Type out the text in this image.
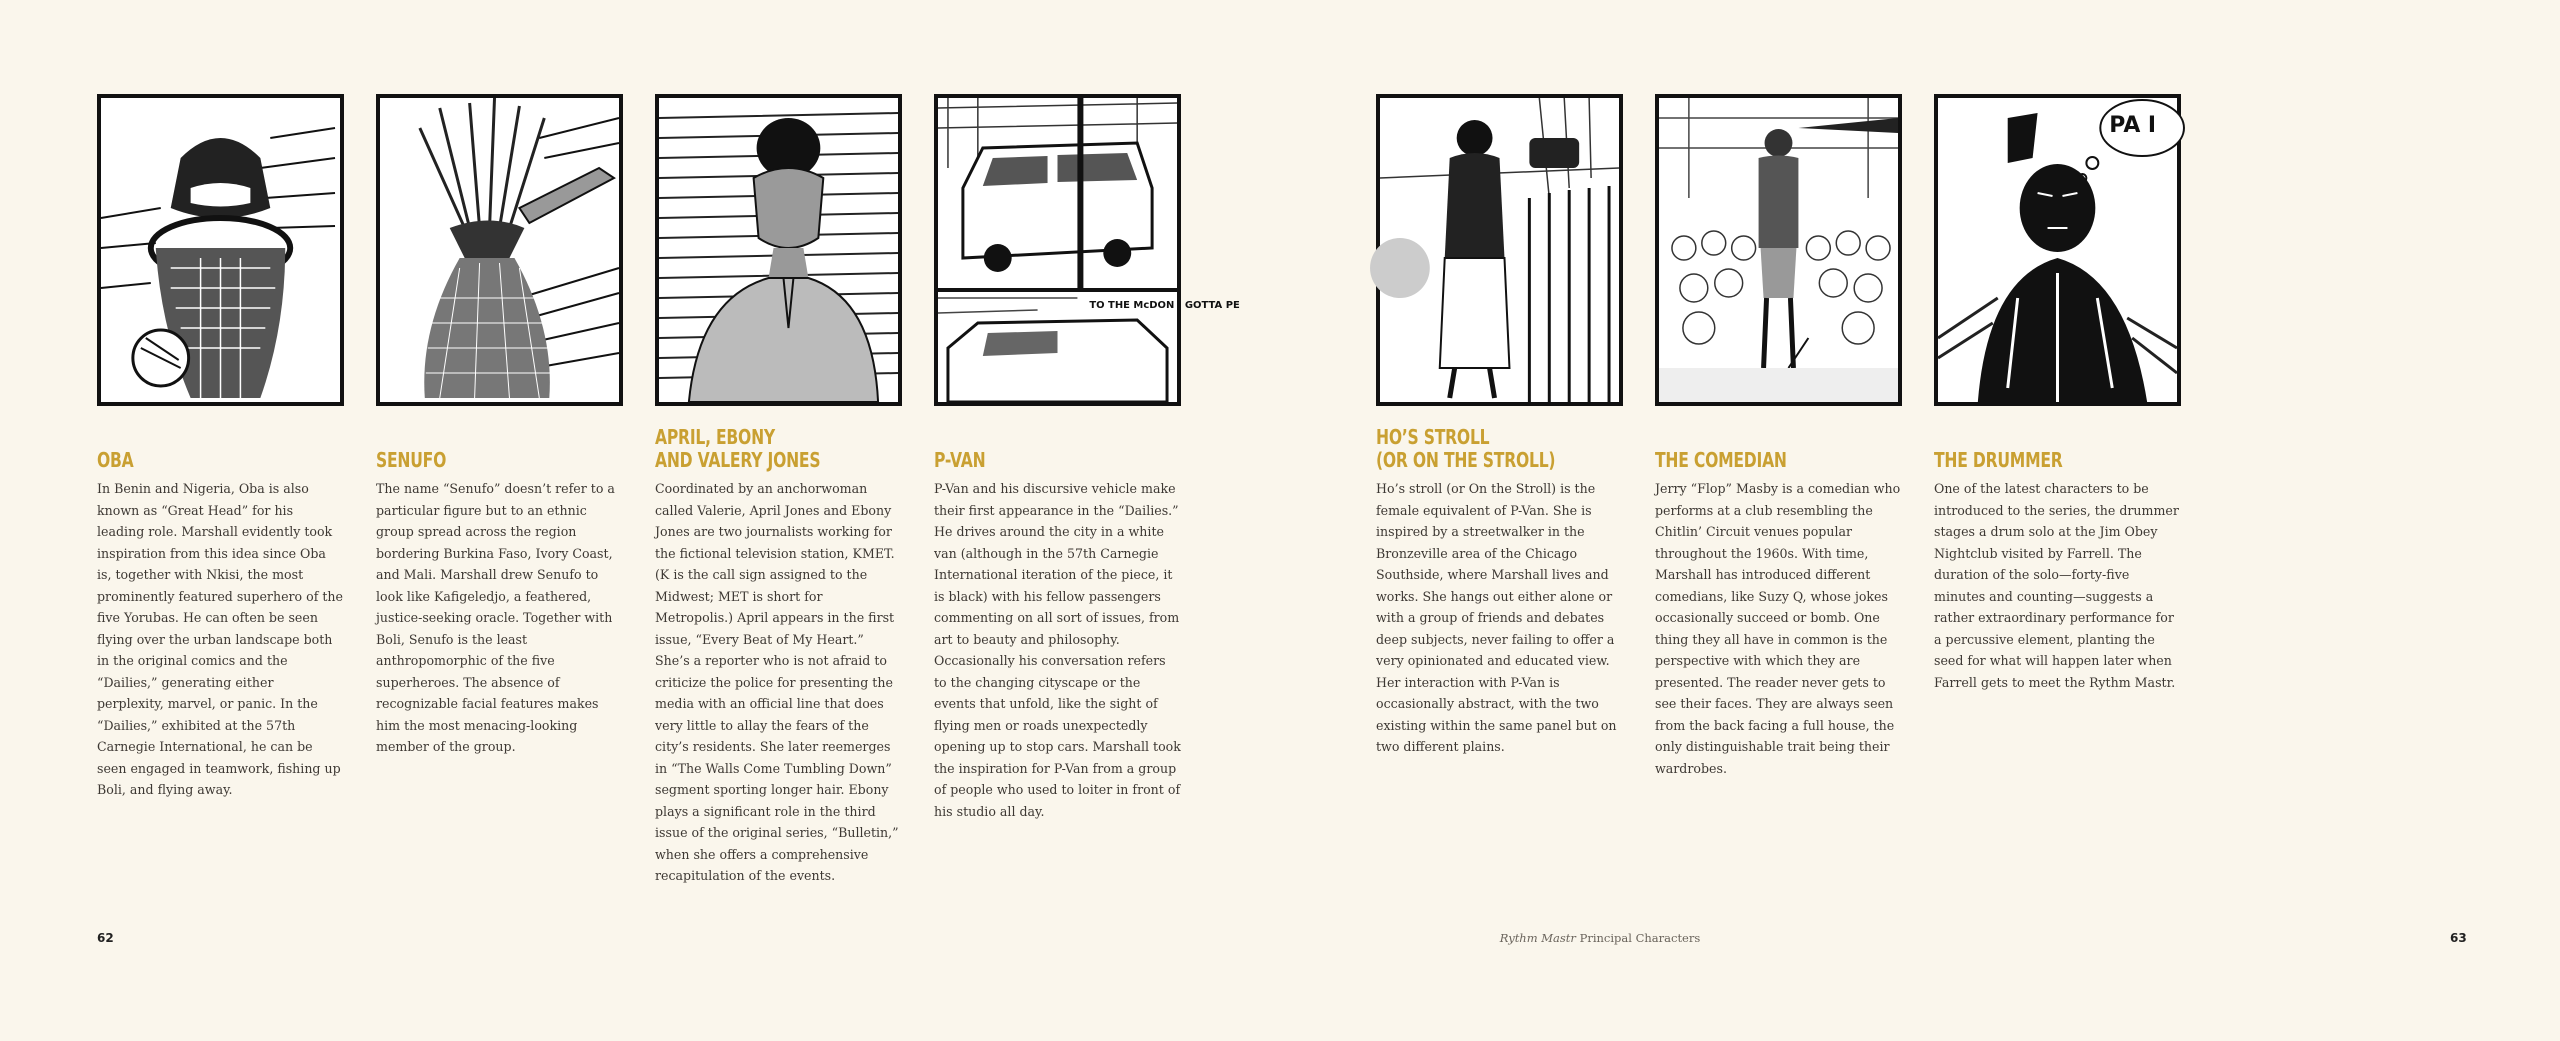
OBA

In Benin and Nigeria, Oba is also known as “Great Head” for his leading role. Marshall evidently took inspiration from this idea since Oba is, together with Nkisi, the most prominently featured superhero of the five Yorubas. He can often be seen flying over the urban landscape both in the original comics and the “Dailies,” generating either perplexity, marvel, or panic. In the “Dailies,” exhibited at the 57th Carnegie International, he can be seen engaged in teamwork, fishing up Boli, and flying away.

SENUFO

The name “Senufo” doesn’t refer to a particular figure but to an ethnic group spread across the region bordering Burkina Faso, Ivory Coast, and Mali. Marshall drew Senufo to look like Kafigeledjo, a feathered, justice-seeking oracle. Together with Boli, Senufo is the least anthropomorphic of the five superheroes. The absence of recognizable facial features makes him the most menacing-looking member of the group.

APRIL, EBONY
AND VALERY JONES

Coordinated by an anchorwoman called Valerie, April Jones and Ebony Jones are two journalists working for the fictional television station, KMET. (K is the call sign assigned to the Midwest; MET is short for Metropolis.) April appears in the first issue, “Every Beat of My Heart.” She’s a reporter who is not afraid to criticize the police for presenting the media with an official line that does very little to allay the fears of the city’s residents. She later reemerges in “The Walls Come Tumbling Down” segment sporting longer hair. Ebony plays a significant role in the third issue of the original series, “Bulletin,” when she offers a comprehensive recapitulation of the events.

TO THE McDON I GOTTA PE
P-VAN

P-Van and his discursive vehicle make their first appearance in the “Dailies.” He drives around the city in a white van (although in the 57th Carnegie International iteration of the piece, it is black) with his fellow passengers commenting on all sort of issues, from art to beauty and philosophy. Occasionally his conversation refers to the changing cityscape or the events that unfold, like the sight of flying men or roads unexpectedly opening up to stop cars. Marshall took the inspiration for P-Van from a group of people who used to loiter in front of his studio all day.

HO’S STROLL
(OR ON THE STROLL)

Ho’s stroll (or On the Stroll) is the female equivalent of P-Van. She is inspired by a streetwalker in the Bronzeville area of the Chicago Southside, where Marshall lives and works. She hangs out either alone or with a group of friends and debates deep subjects, never failing to offer a very opinionated and educated view. Her interaction with P-Van is occasionally abstract, with the two existing within the same panel but on two different plains.

THE COMEDIAN

Jerry “Flop” Masby is a comedian who performs at a club resembling the Chitlin’ Circuit venues popular throughout the 1960s. With time, Marshall has introduced different comedians, like Suzy Q, whose jokes occasionally succeed or bomb. One thing they all have in common is the perspective with which they are presented. The reader never gets to see their faces. They are always seen from the back facing a full house, the only distinguishable trait being their wardrobes.

PA I
THE DRUMMER

One of the latest characters to be introduced to the series, the drummer stages a drum solo at the Jim Obey Nightclub visited by Farrell. The duration of the solo—forty-five minutes and counting—suggests a rather extraordinary performance for a percussive element, planting the seed for what will happen later when Farrell gets to meet the Rythm Mastr.

62	63
Rythm Mastr Principal Characters
